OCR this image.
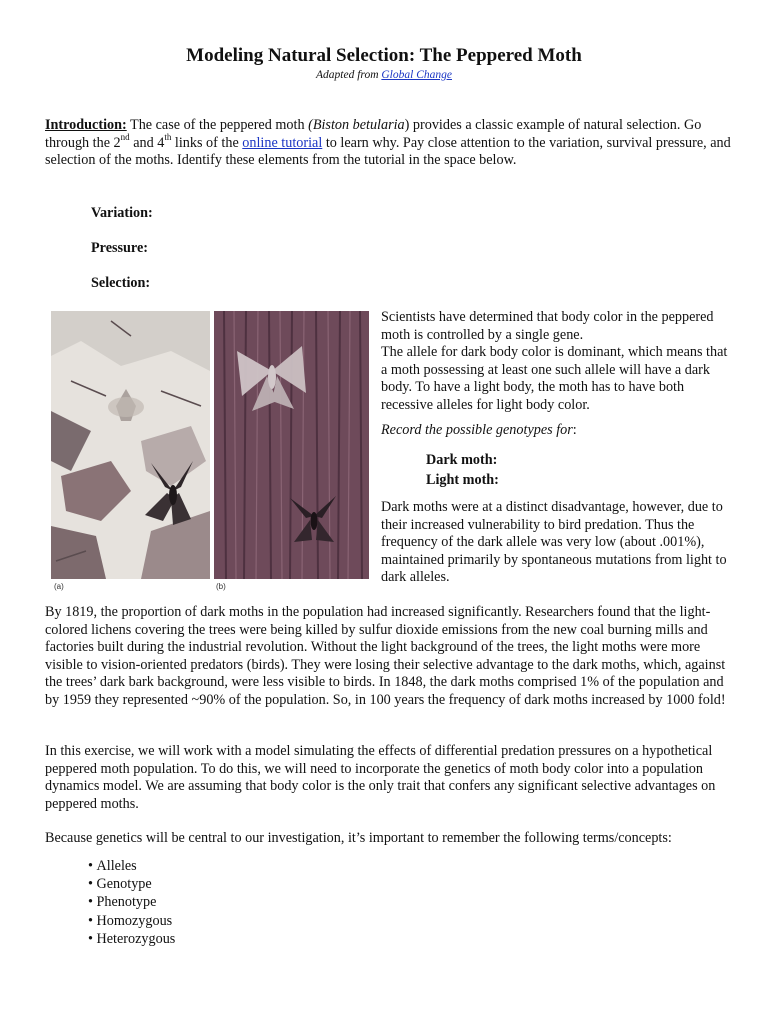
Modeling Natural Selection: The Peppered Moth
Adapted from Global Change
Introduction: The case of the peppered moth (Biston betularia) provides a classic example of natural selection. Go through the 2nd and 4th links of the online tutorial to learn why. Pay close attention to the variation, survival pressure, and selection of the moths. Identify these elements from the tutorial in the space below.
Variation:
Pressure:
Selection:
(a)	(b)
Scientists have determined that body color in the peppered moth is controlled by a single gene.
The allele for dark body color is dominant, which means that a moth possessing at least one such allele will have a dark body. To have a light body, the moth has to have both recessive alleles for light body color.
Record the possible genotypes for:
Dark moth:
Light moth:
Dark moths were at a distinct disadvantage, however, due to their increased vulnerability to bird predation. Thus the frequency of the dark allele was very low (about .001%), maintained primarily by spontaneous mutations from light to dark alleles.
By 1819, the proportion of dark moths in the population had increased significantly. Researchers found that the light-colored lichens covering the trees were being killed by sulfur dioxide emissions from the new coal burning mills and factories built during the industrial revolution. Without the light background of the trees, the light moths were more visible to vision-oriented predators (birds). They were losing their selective advantage to the dark moths, which, against the trees’ dark bark background, were less visible to birds. In 1848, the dark moths comprised 1% of the population and by 1959 they represented ~90% of the population. So, in 100 years the frequency of dark moths increased by 1000 fold!
In this exercise, we will work with a model simulating the effects of differential predation pressures on a hypothetical peppered moth population. To do this, we will need to incorporate the genetics of moth body color into a population dynamics model. We are assuming that body color is the only trait that confers any significant selective advantages on peppered moths.
Because genetics will be central to our investigation, it’s important to remember the following terms/concepts:
• Alleles
• Genotype
• Phenotype
• Homozygous
• Heterozygous
